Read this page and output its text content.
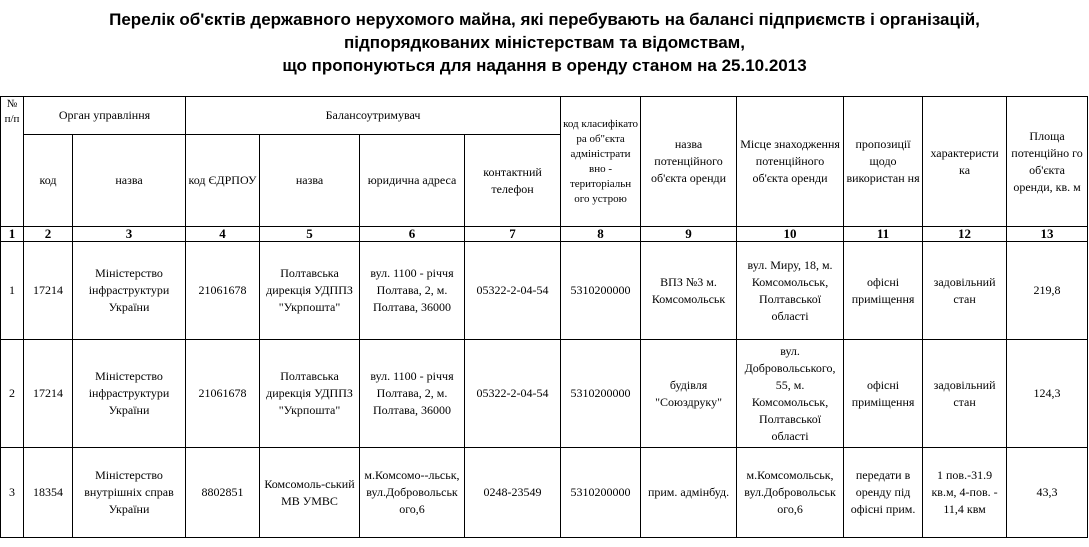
Перелік об'єктів державного нерухомого майна, які перебувають на балансі підприємств і організацій,
підпорядкованих міністерствам та відомствам,
що пропонуються для надання в оренду станом на 25.10.2013
№ п/п	Орган управління		Балансоутримувач				код класифікато ра об"єкта адміністрати вно - територіальн ого устрою	назва потенційного об'єкта оренди	Місце знаходження потенційного об'єкта оренди	пропозиції щодо використан ня	характеристи ка	Площа потенційно го об'єкта оренди, кв. м
	код	назва	код ЄДРПОУ	назва	юридична адреса	контактний телефон						
1	2	3	4	5	6	7	8	9	10	11	12	13
1	17214	Міністерство інфраструктури України	21061678	Полтавська дирекція УДППЗ "Укрпошта"	вул. 1100 - річчя Полтава, 2, м. Полтава, 36000	05322-2-04-54	5310200000	ВПЗ №3 м. Комсомольськ	вул. Миру, 18, м. Комсомольськ, Полтавської області	офісні приміщення	задовільний стан	219,8
2	17214	Міністерство інфраструктури України	21061678	Полтавська дирекція УДППЗ "Укрпошта"	вул. 1100 - річчя Полтава, 2, м. Полтава, 36000	05322-2-04-54	5310200000	будівля "Союздруку"	вул. Добровольського, 55, м. Комсомольськ, Полтавської області	офісні приміщення	задовільний стан	124,3
3	18354	Міністерство внутрішніх справ України	8802851	Комсомоль-ський МВ УМВС	м.Комсомо--льськ, вул.Добровольськ ого,6	0248-23549	5310200000	прим. адмінбуд.	м.Комсомольськ, вул.Добровольськ ого,6	передати в оренду під офісні прим.	1 пов.-31.9 кв.м, 4-пов. - 11,4 квм	43,3
